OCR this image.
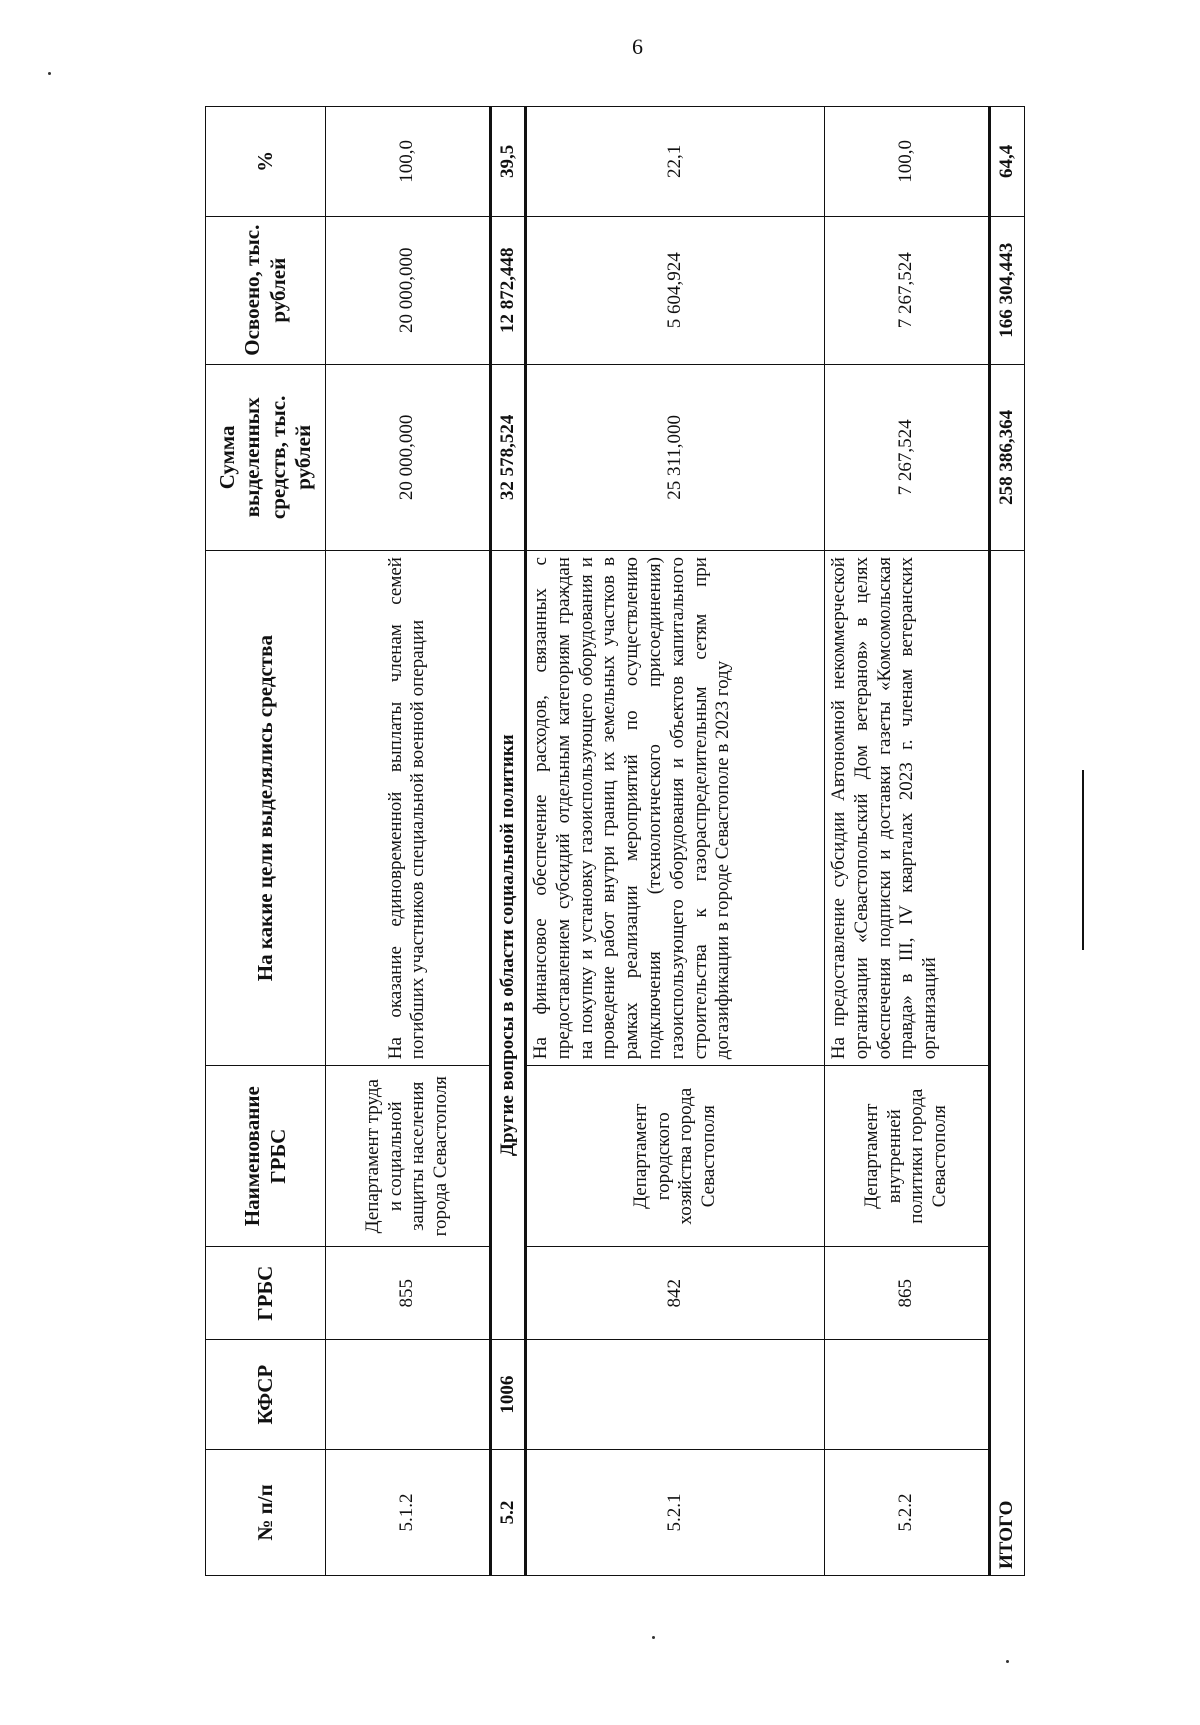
6
№ п/п	КФСР	ГРБС	Наименование ГРБС	На какие цели выделялись средства	Сумма выделенных средств, тыс. рублей	Освоено, тыс. рублей	%
5.1.2		855	Департамент труда и социальной защиты населения города Севастополя	На оказание единовременной выплаты членам семей погибших участников специальной военной операции	20 000,000	20 000,000	100,0
5.2	1006	Другие вопросы в области социальной политики			32 578,524	12 872,448	39,5
5.2.1		842	Департамент городского хозяйства города Севастополя	На финансовое обеспечение расходов, связанных с предоставлением субсидий отдельным категориям граждан на покупку и установку газоиспользующего оборудования и проведение работ внутри границ их земельных участков в рамках реализации мероприятий по осуществлению подключения (технологического присоединения) газоиспользующего оборудования и объектов капитального строительства к газораспределительным сетям при догазификации в городе Севастополе в 2023 году	25 311,000	5 604,924	22,1
5.2.2		865	Департамент внутренней политики города Севастополя	На предоставление субсидии Автономной некоммерческой организации «Севастопольский Дом ветеранов» в целях обеспечения подписки и доставки газеты «Комсомольская правда» в III, IV кварталах 2023 г. членам ветеранских организаций	7 267,524	7 267,524	100,0
ИТОГО					258 386,364	166 304,443	64,4
